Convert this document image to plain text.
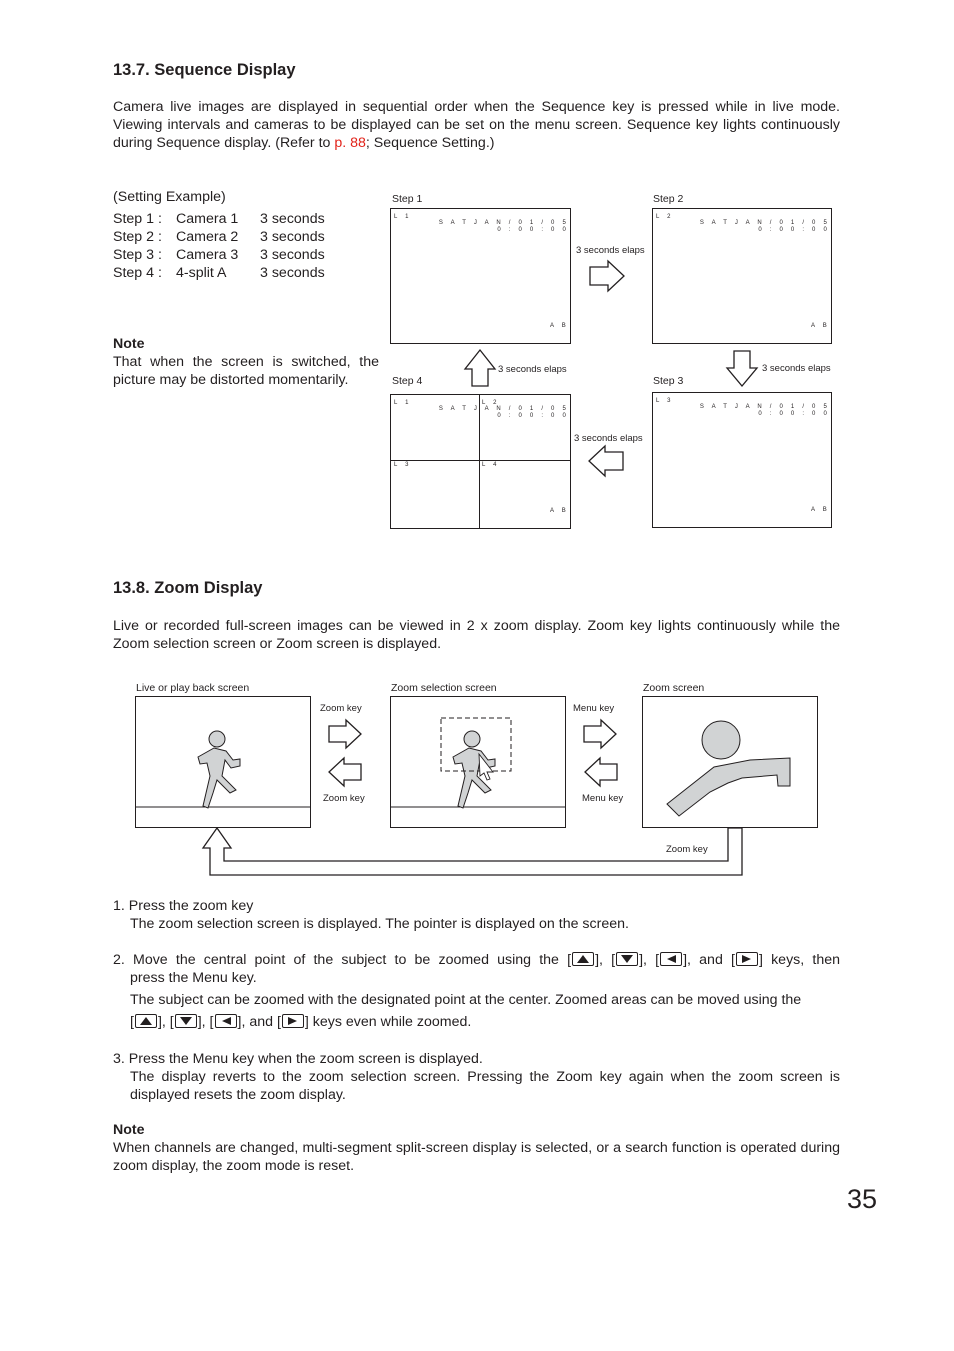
13.7. Sequence Display
Camera live images are displayed in sequential order when the Sequence key is pressed while in live mode. Viewing intervals and cameras to be displayed can be set on the menu screen. Sequence key lights continuously during Sequence display. (Refer to p. 88; Sequence Setting.)
(Setting Example)
Step 1 : Camera 1 3 seconds
Step 2 : Camera 2 3 seconds
Step 3 : Camera 3 3 seconds
Step 4 : 4-split A 3 seconds
Note
That when the screen is switched, the picture may be distorted momentarily.
Step 1	Step 2
Step 4	Step 3
L 1
S A T J A N / 0 1 / 0 5
0 : 0 0 : 0 0
A B
L 2
S A T J A N / 0 1 / 0 5
0 : 0 0 : 0 0
A B
L 1	L 2
L 3	L 4
S A T J A N / 0 1 / 0 5
0 : 0 0 : 0 0
A B
L 3
S A T J A N / 0 1 / 0 5
0 : 0 0 : 0 0
A B
3 seconds elaps
3 seconds elaps
3 seconds elaps
3 seconds elaps
13.8. Zoom Display
Live or recorded full-screen images can be viewed in 2 x zoom display. Zoom key lights continuously while the Zoom selection screen or Zoom screen is displayed.
Live or play back screen	Zoom selection screen	Zoom screen
Zoom key
Zoom key
Menu key
Menu key
Zoom key
1. Press the zoom key
The zoom selection screen is displayed. The pointer is displayed on the screen.
2. Move the central point of the subject to be zoomed using the [ ], [ ], [ ], and [ ] keys, then
press the Menu key.
The subject can be zoomed with the designated point at the center. Zoomed areas can be moved using the
[ ], [ ], [ ], and [ ] keys even while zoomed.
3. Press the Menu key when the zoom screen is displayed.
The display reverts to the zoom selection screen. Pressing the Zoom key again when the zoom screen is displayed resets the zoom display.
Note
When channels are changed, multi-segment split-screen display is selected, or a search function is operated during zoom display, the zoom mode is reset.
35
